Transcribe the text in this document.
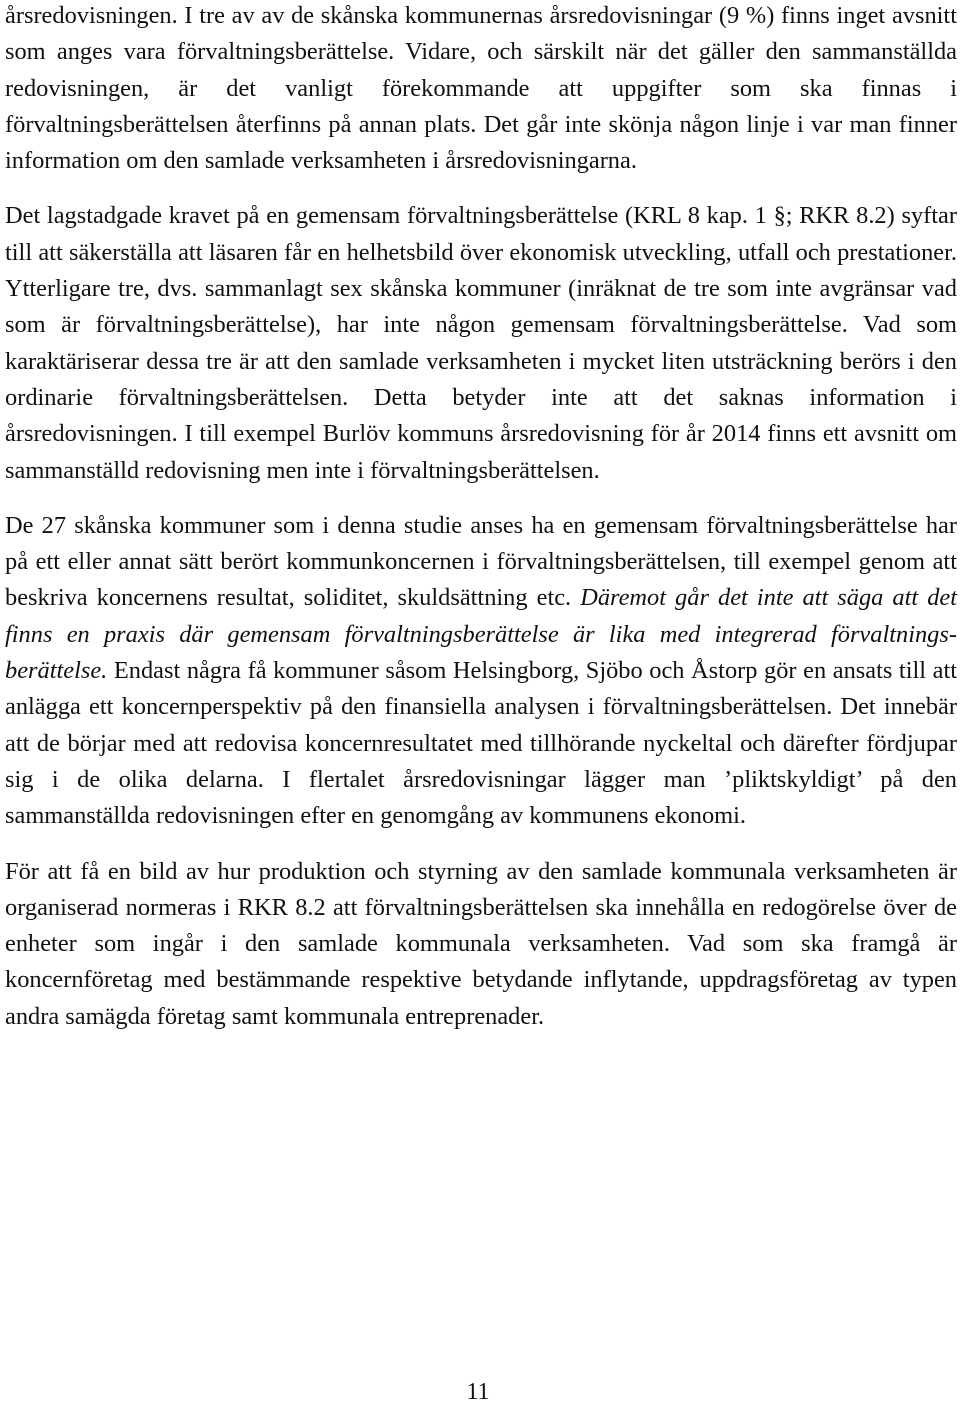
årsredovisningen. I tre av av de skånska kommunernas årsredovisningar (9 %) finns inget avsnitt som anges vara förvaltningsberättelse. Vidare, och särskilt när det gäller den sammanställda redovisningen, är det vanligt förekommande att uppgifter som ska finnas i förvaltningsberättelsen återfinns på annan plats. Det går inte skönja någon linje i var man finner information om den samlade verksamheten i årsredovisningarna.

Det lagstadgade kravet på en gemensam förvaltningsberättelse (KRL 8 kap. 1 §; RKR 8.2) syftar till att säkerställa att läsaren får en helhetsbild över ekonomisk utveckling, utfall och prestationer. Ytterligare tre, dvs. sammanlagt sex skånska kommuner (inräknat de tre som inte avgränsar vad som är förvaltningsberättelse), har inte någon gemensam förvaltningsberättelse. Vad som karaktäriserar dessa tre är att den samlade verksamheten i mycket liten utsträckning berörs i den ordinarie förvaltningsberättelsen. Detta betyder inte att det saknas information i årsredovisningen. I till exempel Burlöv kommuns årsredovisning för år 2014 finns ett avsnitt om sammanställd redovisning men inte i förvaltningsberättelsen.

De 27 skånska kommuner som i denna studie anses ha en gemensam förvaltningsberättelse har på ett eller annat sätt berört kommunkoncernen i förvaltningsberättelsen, till exempel genom att beskriva koncernens resultat, soliditet, skuldsättning etc. Däremot går det inte att säga att det finns en praxis där gemensam förvaltningsberättelse är lika med integrerad förvaltningsberättelse. Endast några få kommuner såsom Helsingborg, Sjöbo och Åstorp gör en ansats till att anlägga ett koncernperspektiv på den finansiella analysen i förvaltningsberättelsen. Det innebär att de börjar med att redovisa koncernresultatet med tillhörande nyckeltal och därefter fördjupar sig i de olika delarna. I flertalet årsredovisningar lägger man ’pliktskyldigt’ på den sammanställda redovisningen efter en genomgång av kommunens ekonomi.

För att få en bild av hur produktion och styrning av den samlade kommunala verksamheten är organiserad normeras i RKR 8.2 att förvaltningsberättelsen ska innehålla en redogörelse över de enheter som ingår i den samlade kommunala verksamheten. Vad som ska framgå är koncernföretag med bestämmande respektive betydande inflytande, uppdragsföretag av typen andra samägda företag samt kommunala entreprenader.

11
